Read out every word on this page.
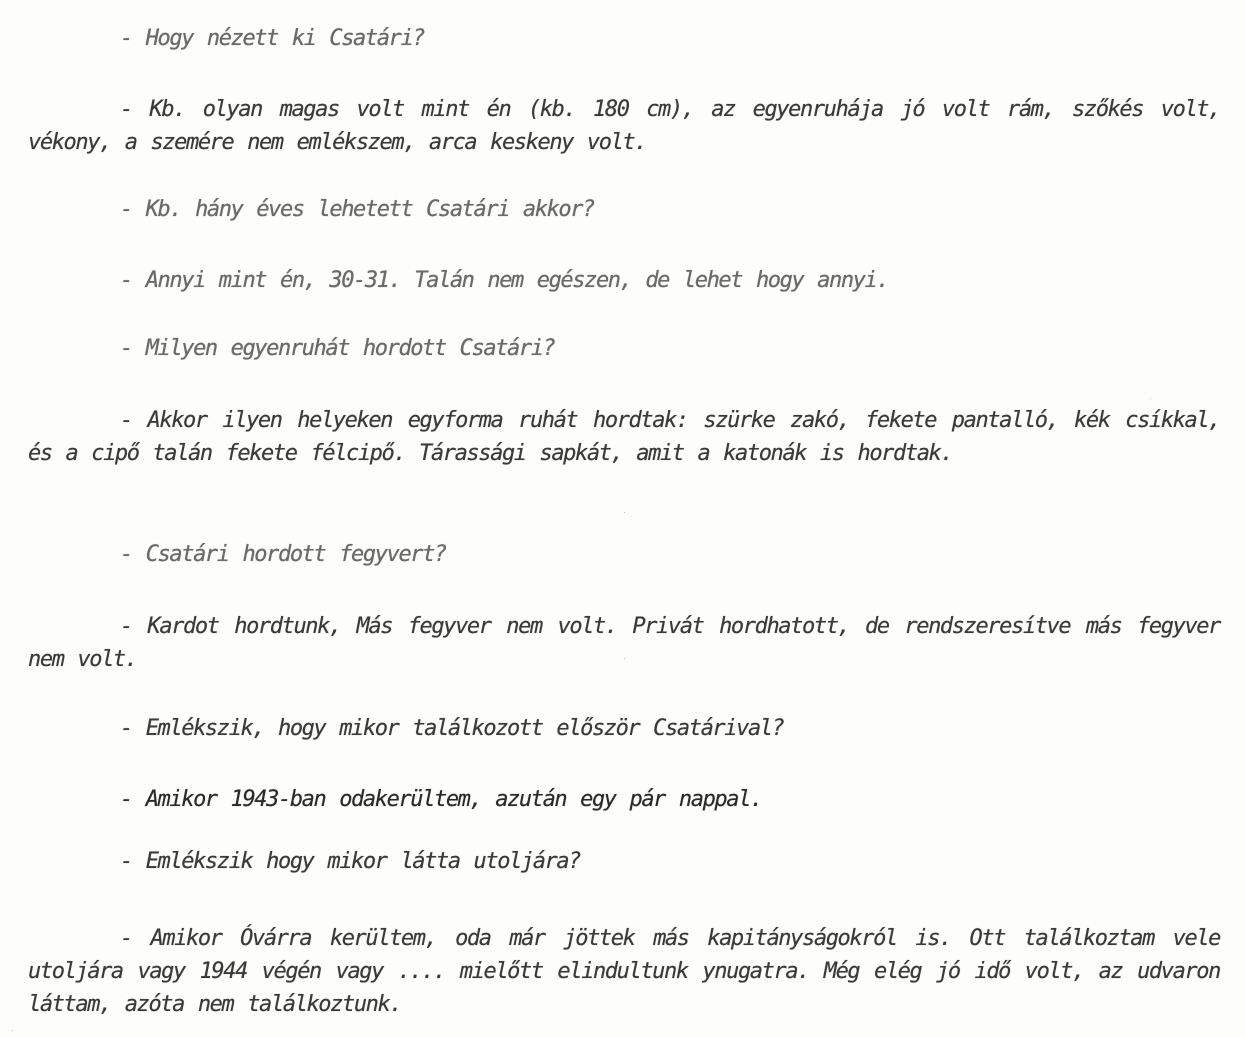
- Hogy nézett ki Csatári?

- Kb. olyan magas volt mint én (kb. 180 cm), az egyenruhája jó volt rám, szőkés volt, vékony, a szemére nem emlékszem, arca keskeny volt.

- Kb. hány éves lehetett Csatári akkor?

- Annyi mint én, 30-31. Talán nem egészen, de lehet hogy annyi.

- Milyen egyenruhát hordott Csatári?

- Akkor ilyen helyeken egyforma ruhát hordtak: szürke zakó, fekete pantalló, kék csíkkal, és a cipő talán fekete félcipő. Tárassági sapkát, amit a katonák is hordtak.

- Csatári hordott fegyvert?

- Kardot hordtunk, Más fegyver nem volt. Privát hordhatott, de rendszeresítve más fegyver nem volt.

- Emlékszik, hogy mikor találkozott először Csatárival?

- Amikor 1943-ban odakerültem, azután egy pár nappal.

- Emlékszik hogy mikor látta utoljára?

- Amikor Óvárra kerültem, oda már jöttek más kapitányságokról is. Ott találkoztam vele utoljára vagy 1944 végén vagy .... mielőtt elindultunk ynugatra. Még elég jó idő volt, az udvaron láttam, azóta nem találkoztunk.
